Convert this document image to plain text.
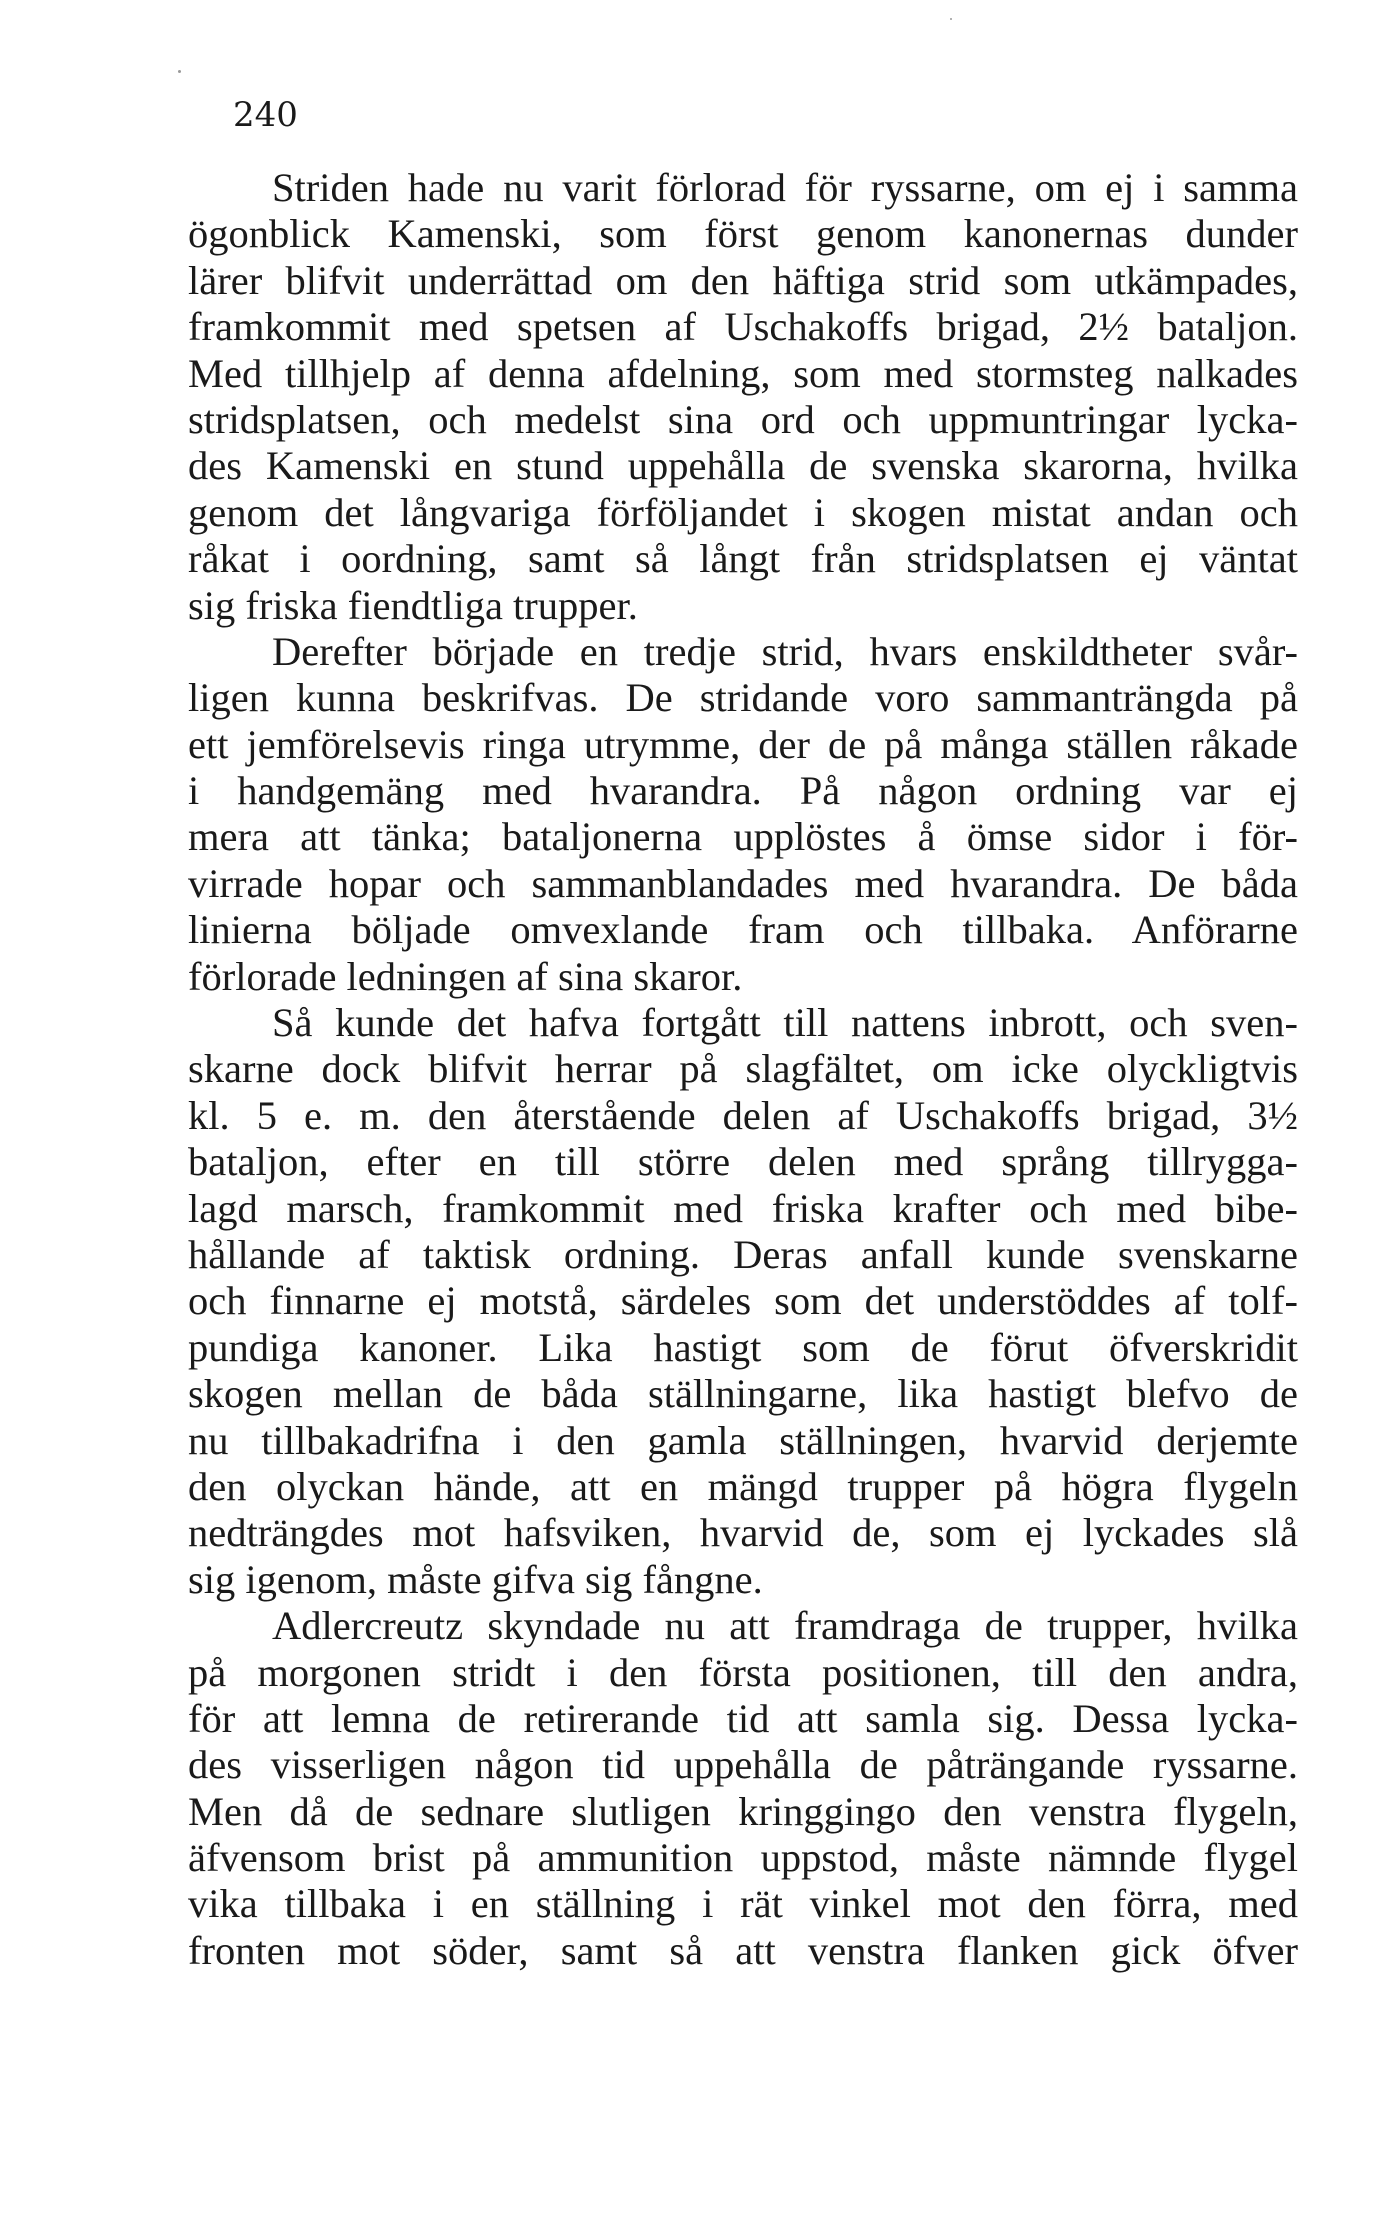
240

Striden hade nu varit förlorad för ryssarne, om ej i samma
ögonblick Kamenski, som först genom kanonernas dunder
lärer blifvit underrättad om den häftiga strid som utkämpades,
framkommit med spetsen af Uschakoffs brigad, 2½ bataljon.
Med tillhjelp af denna afdelning, som med stormsteg nalkades
stridsplatsen, och medelst sina ord och uppmuntringar lycka-
des Kamenski en stund uppehålla de svenska skarorna, hvilka
genom det långvariga förföljandet i skogen mistat andan och
råkat i oordning, samt så långt från stridsplatsen ej väntat
sig friska fiendtliga trupper.
Derefter började en tredje strid, hvars enskildtheter svår-
ligen kunna beskrifvas. De stridande voro sammanträngda på
ett jemförelsevis ringa utrymme, der de på många ställen råkade
i handgemäng med hvarandra. På någon ordning var ej
mera att tänka; bataljonerna upplöstes å ömse sidor i för-
virrade hopar och sammanblandades med hvarandra. De båda
linierna böljade omvexlande fram och tillbaka. Anförarne
förlorade ledningen af sina skaror.
Så kunde det hafva fortgått till nattens inbrott, och sven-
skarne dock blifvit herrar på slagfältet, om icke olyckligtvis
kl. 5 e. m. den återstående delen af Uschakoffs brigad, 3½
bataljon, efter en till större delen med språng tillrygga-
lagd marsch, framkommit med friska krafter och med bibe-
hållande af taktisk ordning. Deras anfall kunde svenskarne
och finnarne ej motstå, särdeles som det understöddes af tolf-
pundiga kanoner. Lika hastigt som de förut öfverskridit
skogen mellan de båda ställningarne, lika hastigt blefvo de
nu tillbakadrifna i den gamla ställningen, hvarvid derjemte
den olyckan hände, att en mängd trupper på högra flygeln
nedträngdes mot hafsviken, hvarvid de, som ej lyckades slå
sig igenom, måste gifva sig fångne.
Adlercreutz skyndade nu att framdraga de trupper, hvilka
på morgonen stridt i den första positionen, till den andra,
för att lemna de retirerande tid att samla sig. Dessa lycka-
des visserligen någon tid uppehålla de påträngande ryssarne.
Men då de sednare slutligen kringgingo den venstra flygeln,
äfvensom brist på ammunition uppstod, måste nämnde flygel
vika tillbaka i en ställning i rät vinkel mot den förra, med
fronten mot söder, samt så att venstra flanken gick öfver
